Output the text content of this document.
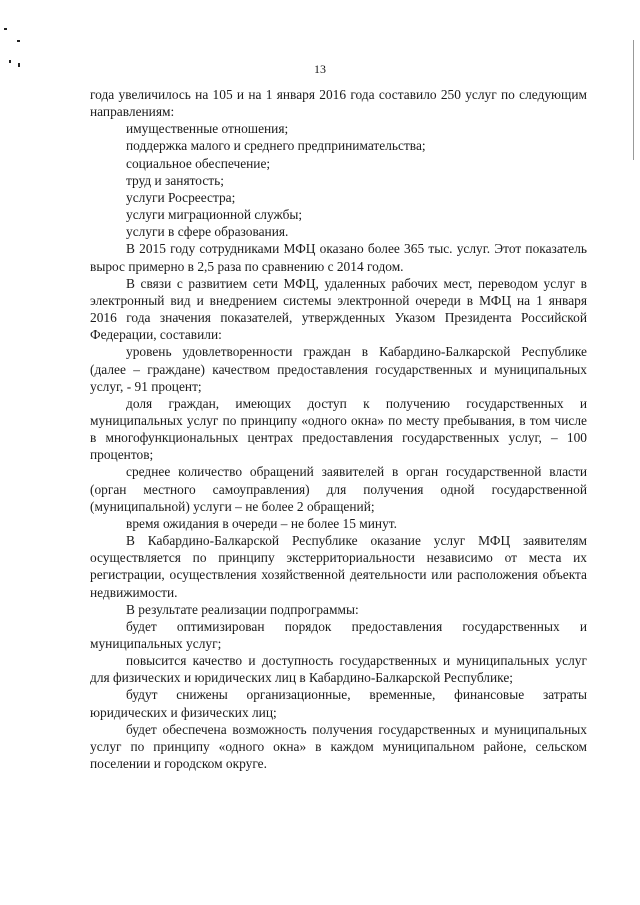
13

года увеличилось на 105 и на 1 января 2016 года составило 250 услуг по следующим направлениям:

имущественные отношения;

поддержка малого и среднего предпринимательства;

социальное обеспечение;

труд и занятость;

услуги Росреестра;

услуги миграционной службы;

услуги в сфере образования.

В 2015 году сотрудниками МФЦ оказано более 365 тыс. услуг. Этот показатель вырос примерно в 2,5 раза по сравнению с 2014 годом.

В связи с развитием сети МФЦ, удаленных рабочих мест, переводом услуг в электронный вид и внедрением системы электронной очереди в МФЦ на 1 января 2016 года значения показателей, утвержденных Указом Президента Российской Федерации, составили:

уровень удовлетворенности граждан в Кабардино-Балкарской Республике (далее – граждане) качеством предоставления государственных и муниципальных услуг, - 91 процент;

доля граждан, имеющих доступ к получению государственных и муниципальных услуг по принципу «одного окна» по месту пребывания, в том числе в многофункциональных центрах предоставления государственных услуг, – 100 процентов;

среднее количество обращений заявителей в орган государственной власти (орган местного самоуправления) для получения одной государственной (муниципальной) услуги – не более 2 обращений;

время ожидания в очереди – не более 15 минут.

В Кабардино-Балкарской Республике оказание услуг МФЦ заявителям осуществляется по принципу экстерриториальности независимо от места их регистрации, осуществления хозяйственной деятельности или расположения объекта недвижимости.

В результате реализации подпрограммы:

будет оптимизирован порядок предоставления государственных и муниципальных услуг;

повысится качество и доступность государственных и муниципальных услуг для физических и юридических лиц в Кабардино-Балкарской Республике;

будут снижены организационные, временные, финансовые затраты юридических и физических лиц;

будет обеспечена возможность получения государственных и муниципальных услуг по принципу «одного окна» в каждом муниципальном районе, сельском поселении и городском округе.
